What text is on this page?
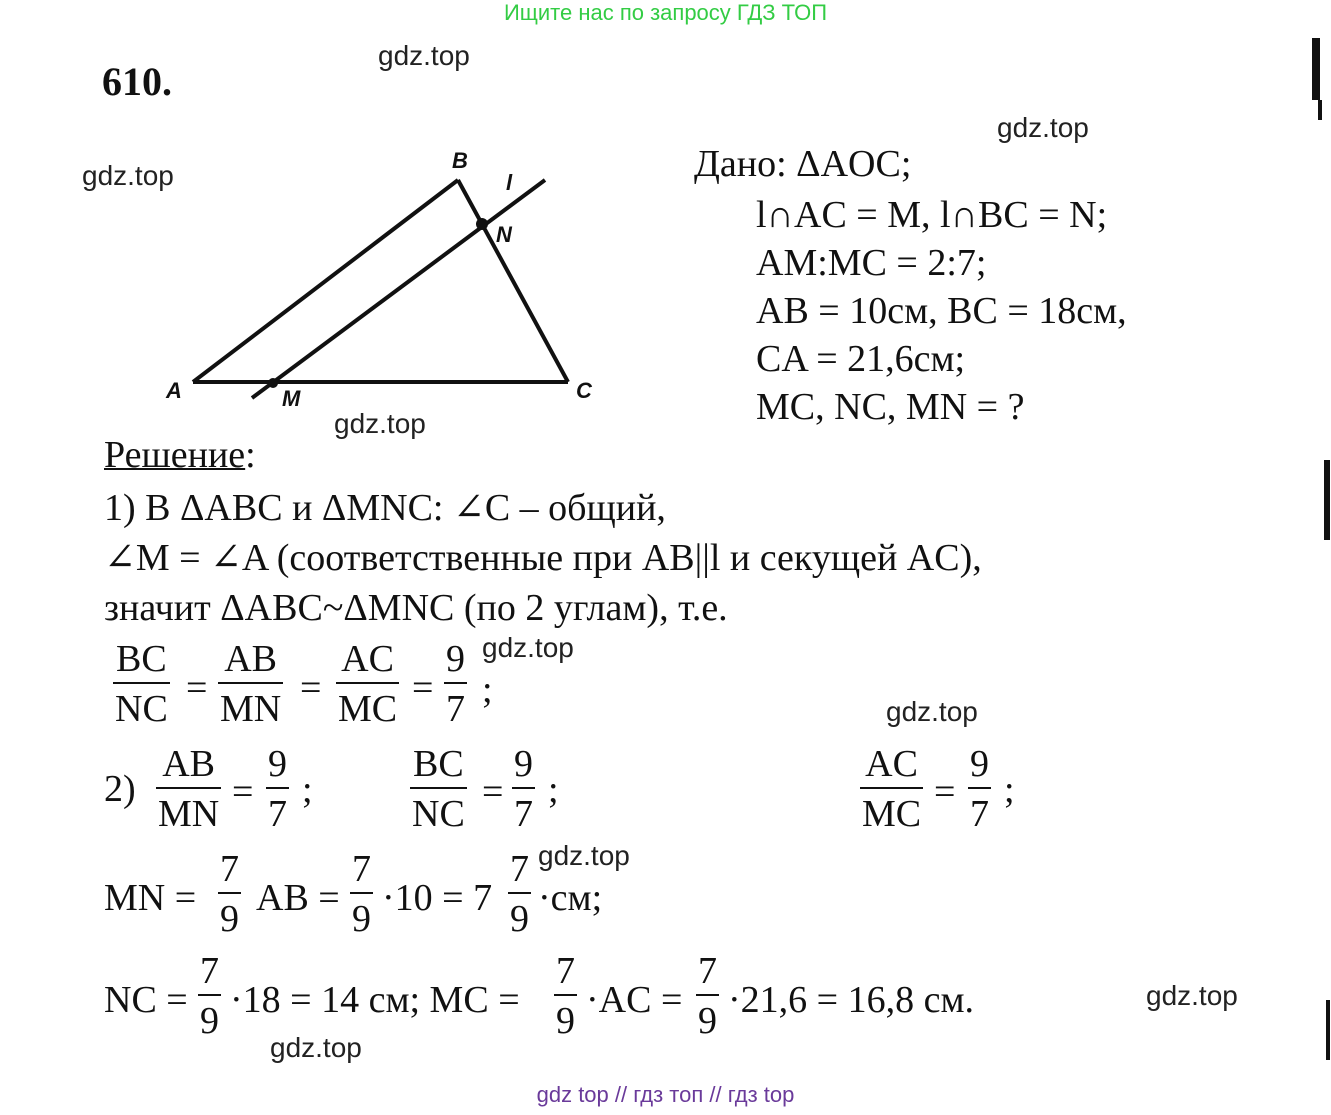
Ищите нас по запросу ГДЗ ТОП
gdz.top
gdz.top
gdz.top
gdz.top
gdz.top
gdz.top
gdz.top
gdz.top
gdz.top
610.
A
B
C
M
N
l	Дано: ΔAOC;
l∩AC = M, l∩BC = N;
AM:MC = 2:7;
AB = 10см, BC = 18см,
CA = 21,6см;
MC, NC, MN = ?
Решение:
1) В ΔABC и ΔMNC: ∠C – общий,
∠M = ∠A (соответственные при AB||l и секущей AC),
значит ΔABC~ΔMNC (по 2 углам), т.е.
BC
NC =
AB
MN =
AC
MC =
9
7 ;
2)
AB
MN
=
9
7
;
BC
NC
=
9
7
;
AC
MC
=
9
7
;
MN =
7
9 AB =
7
9 ·10 = 7
7
9 ·см;
NC =
7
9 ·18 = 14 см; MC =
7
9 ·AC =
7
9 ·21,6 = 16,8 см.
gdz top // гдз топ // гдз top
